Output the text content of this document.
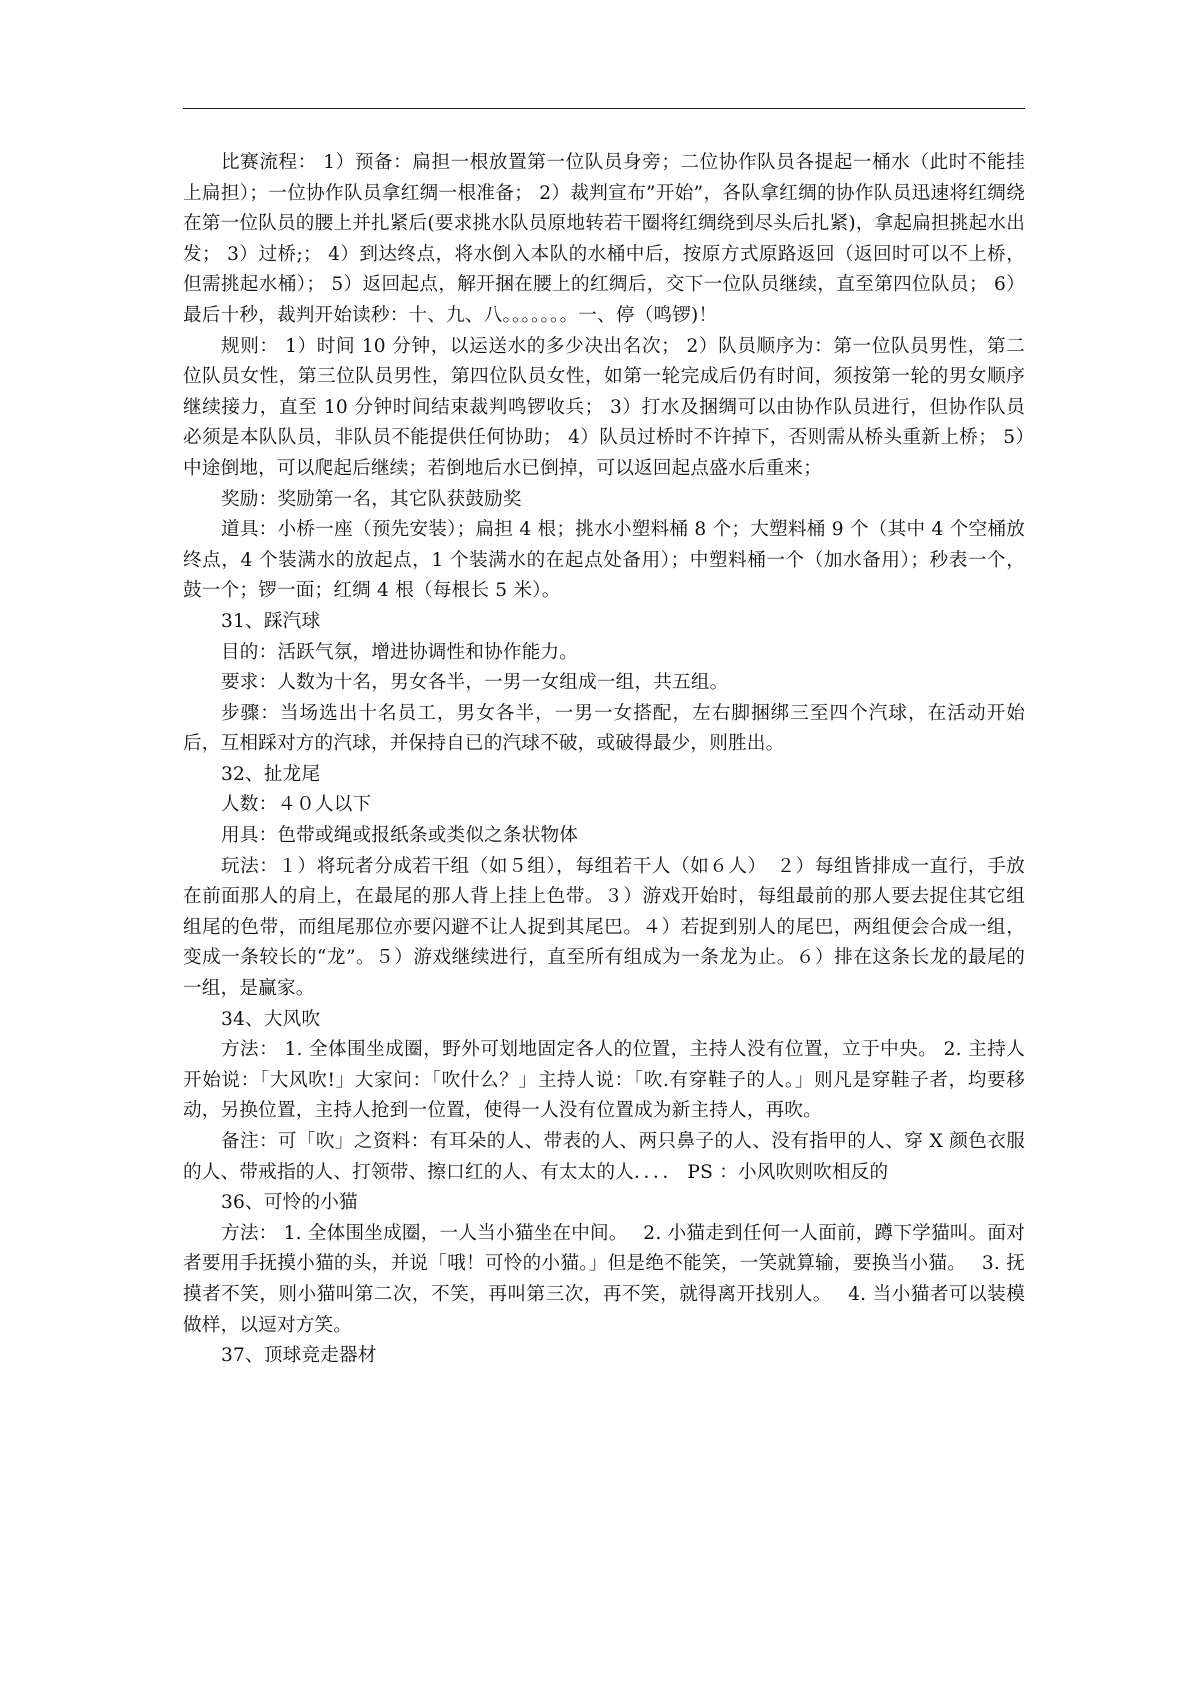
比赛流程： 1）预备：扁担一根放置第一位队员身旁；二位协作队员各提起一桶水（此时不能挂上扁担）；一位协作队员拿红绸一根准备； 2）裁判宣布”开始”，各队拿红绸的协作队员迅速将红绸绕在第一位队员的腰上并扎紧后(要求挑水队员原地转若干圈将红绸绕到尽头后扎紧)，拿起扁担挑起水出发； 3）过桥;； 4）到达终点，将水倒入本队的水桶中后，按原方式原路返回（返回时可以不上桥，但需挑起水桶）； 5）返回起点，解开捆在腰上的红绸后，交下一位队员继续，直至第四位队员； 6）最后十秒，裁判开始读秒：十、九、八。。。。。。。一、停（鸣锣)！

规则： 1）时间 10 分钟，以运送水的多少决出名次； 2）队员顺序为：第一位队员男性，第二位队员女性，第三位队员男性，第四位队员女性，如第一轮完成后仍有时间，须按第一轮的男女顺序继续接力，直至 10 分钟时间结束裁判鸣锣收兵； 3）打水及捆绸可以由协作队员进行，但协作队员必须是本队队员，非队员不能提供任何协助； 4）队员过桥时不许掉下，否则需从桥头重新上桥； 5）中途倒地，可以爬起后继续；若倒地后水已倒掉，可以返回起点盛水后重来；

奖励：奖励第一名，其它队获鼓励奖

道具：小桥一座（预先安装）；扁担 4 根；挑水小塑料桶 8 个；大塑料桶 9 个（其中 4 个空桶放终点，4 个装满水的放起点，1 个装满水的在起点处备用）；中塑料桶一个（加水备用）；秒表一个，鼓一个；锣一面；红绸 4 根（每根长 5 米）。

31、踩汽球

目的：活跃气氛，增进协调性和协作能力。

要求：人数为十名，男女各半，一男一女组成一组，共五组。

步骤：当场选出十名员工，男女各半，一男一女搭配，左右脚捆绑三至四个汽球，在活动开始后，互相踩对方的汽球，并保持自已的汽球不破，或破得最少，则胜出。

32、扯龙尾

人数：４０人以下

用具：色带或绳或报纸条或类似之条状物体

玩法：１）将玩者分成若干组（如５组），每组若干人（如６人）　２）每组皆排成一直行，手放在前面那人的肩上，在最尾的那人背上挂上色带。３）游戏开始时，每组最前的那人要去捉住其它组组尾的色带，而组尾那位亦要闪避不让人捉到其尾巴。４）若捉到别人的尾巴，两组便会合成一组，变成一条较长的“龙”。５）游戏继续进行，直至所有组成为一条龙为止。６）排在这条长龙的最尾的一组，是赢家。

34、大风吹

方法： 1. 全体围坐成圈，野外可划地固定各人的位置，主持人没有位置，立于中央。 2. 主持人开始说：「大风吹!」大家问：「吹什么？」主持人说：「吹.有穿鞋子的人。」则凡是穿鞋子者，均要移动，另换位置，主持人抢到一位置，使得一人没有位置成为新主持人，再吹。

备注：可「吹」之资料：有耳朵的人、带表的人、两只鼻子的人、没有指甲的人、穿 X 颜色衣服的人、带戒指的人、打领带、擦口红的人、有太太的人．．．． PS ：小风吹则吹相反的

36、可怜的小猫

方法： 1. 全体围坐成圈，一人当小猫坐在中间。　 2. 小猫走到任何一人面前，蹲下学猫叫。面对者要用手抚摸小猫的头，并说「哦！可怜的小猫。」但是绝不能笑，一笑就算输，要换当小猫。　 3. 抚摸者不笑，则小猫叫第二次，不笑，再叫第三次，再不笑，就得离开找别人。　 4. 当小猫者可以装模做样，以逗对方笑。

37、顶球竞走器材
